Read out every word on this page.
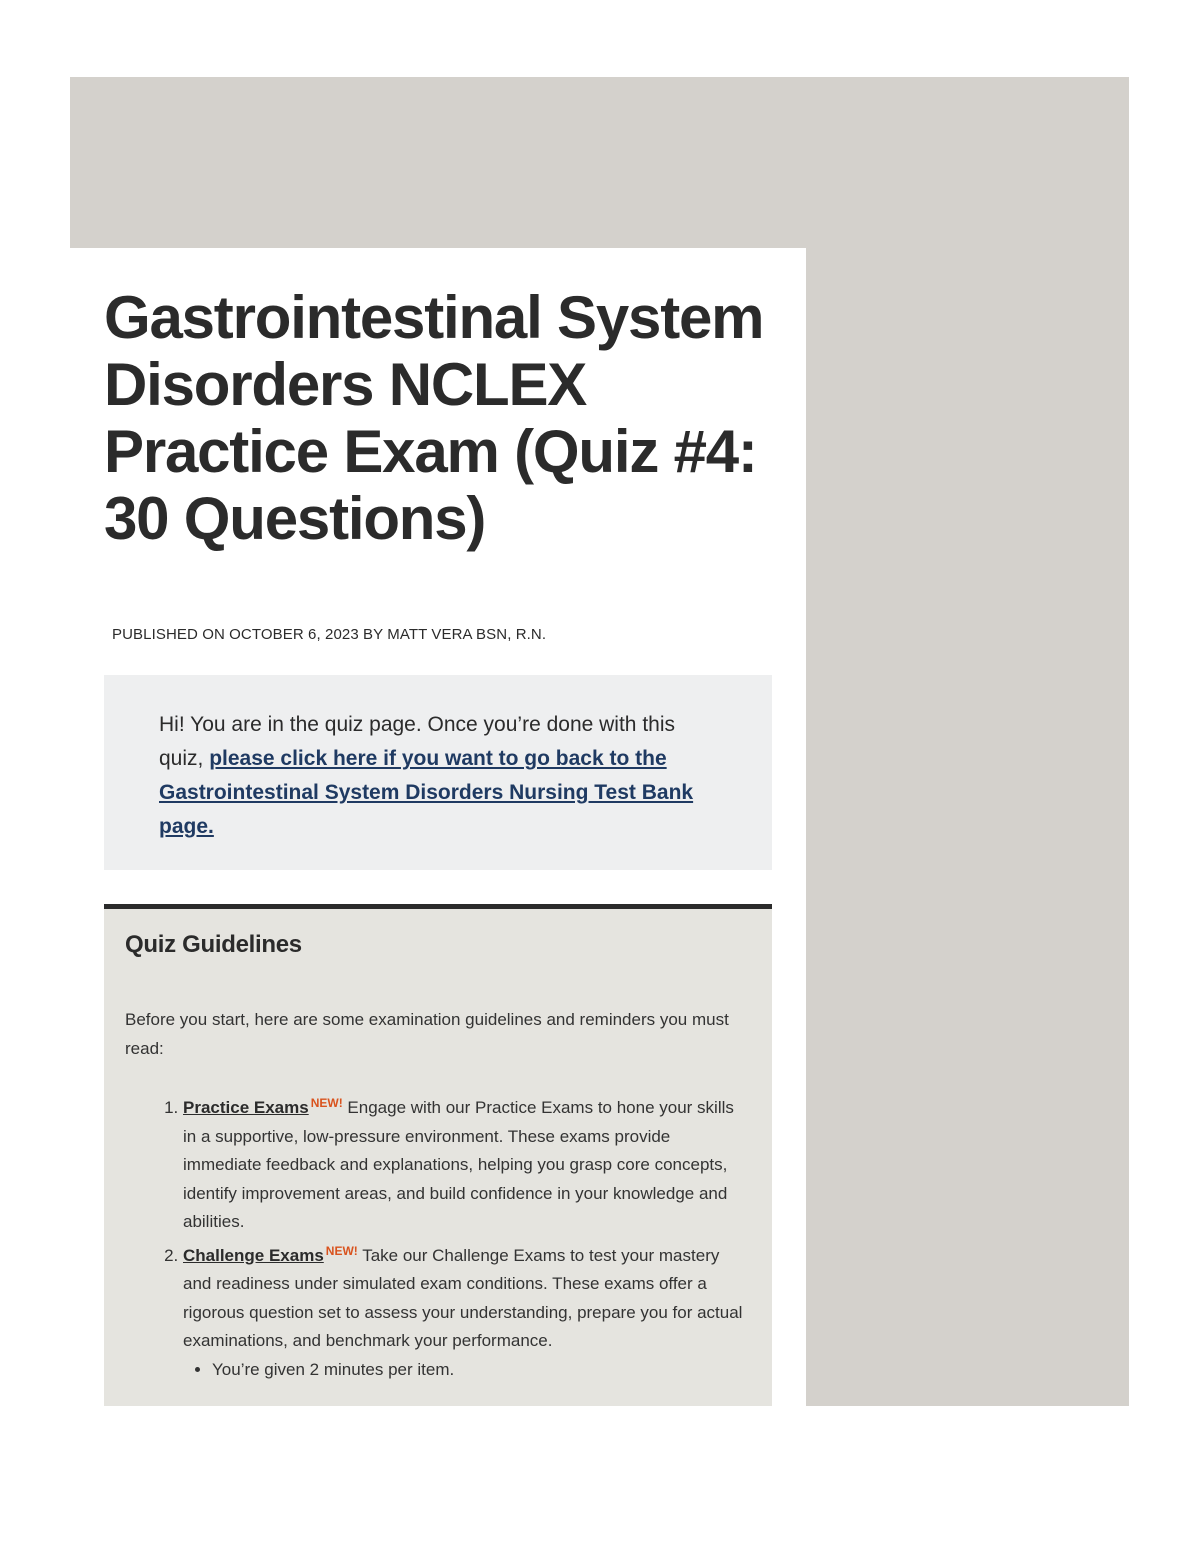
Gastrointestinal System Disorders NCLEX Practice Exam (Quiz #4: 30 Questions)
PUBLISHED ON OCTOBER 6, 2023 BY MATT VERA BSN, R.N.
Hi! You are in the quiz page. Once you’re done with this quiz, please click here if you want to go back to the Gastrointestinal System Disorders Nursing Test Bank page.
Quiz Guidelines

Before you start, here are some examination guidelines and reminders you must read:

1. Practice Exams $^{NEW!}$ Engage with our Practice Exams to hone your skills in a supportive, low-pressure environment. These exams provide immediate feedback and explanations, helping you grasp core concepts, identify improvement areas, and build confidence in your knowledge and abilities.
2. Challenge Exams $^{NEW!}$ Take our Challenge Exams to test your mastery and readiness under simulated exam conditions. These exams offer a rigorous question set to assess your understanding, prepare you for actual examinations, and benchmark your performance.
• You’re given 2 minutes per item.
